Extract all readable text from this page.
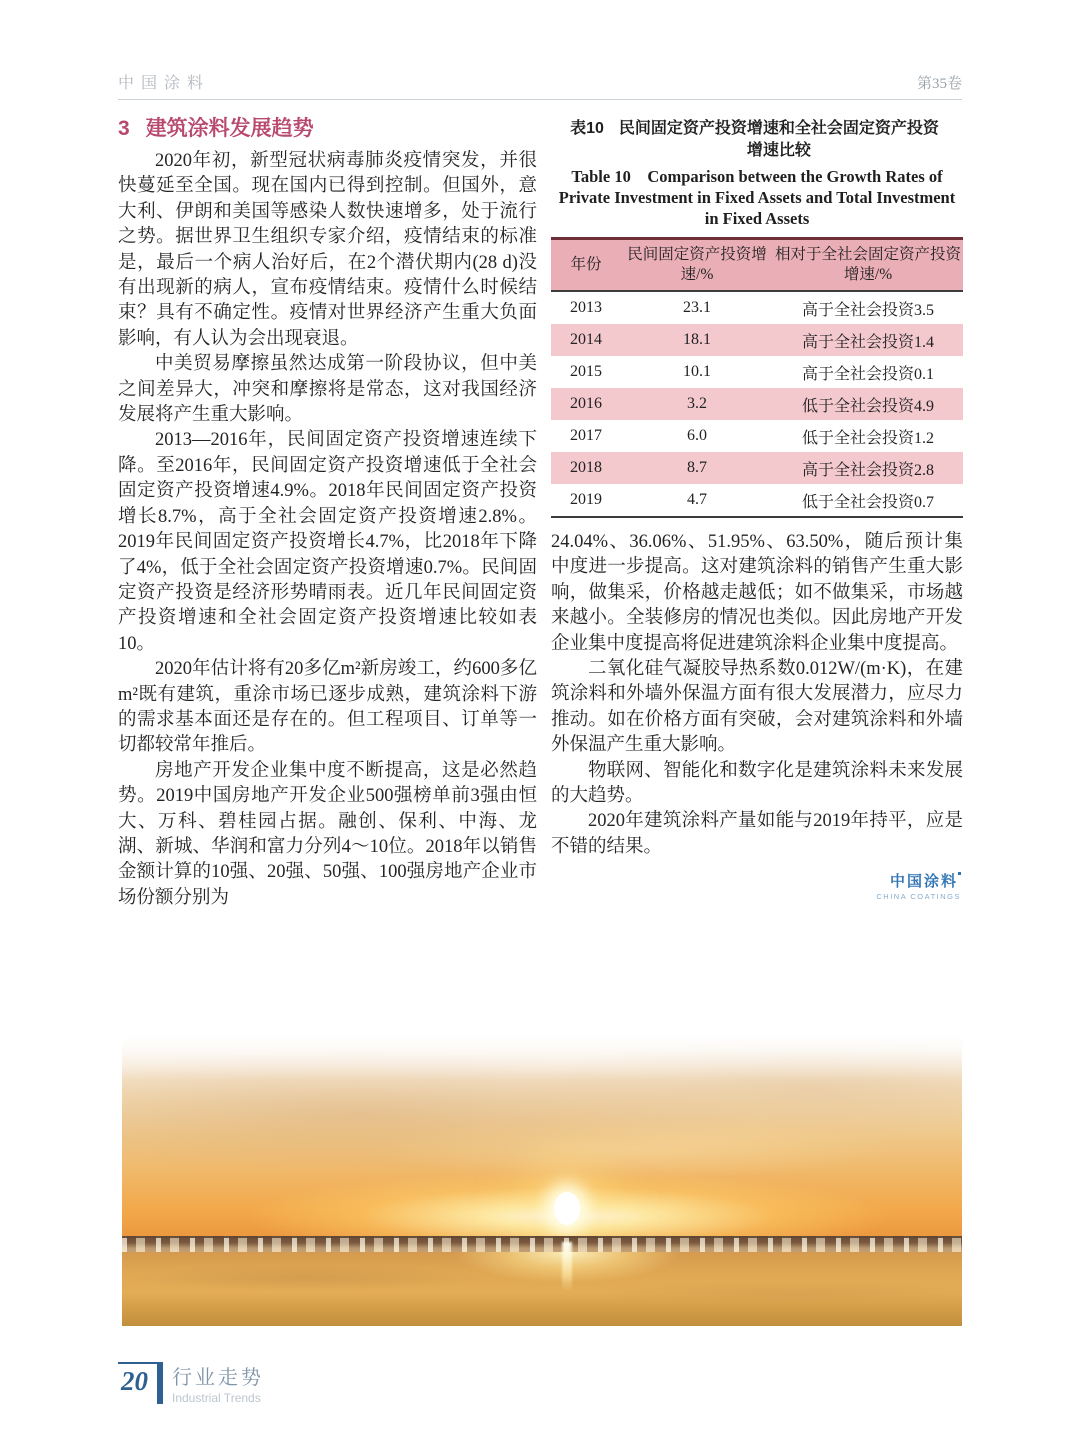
中国涂料	第35卷
3 建筑涂料发展趋势

2020年初，新型冠状病毒肺炎疫情突发，并很快蔓延至全国。现在国内已得到控制。但国外，意大利、伊朗和美国等感染人数快速增多，处于流行之势。据世界卫生组织专家介绍，疫情结束的标准是，最后一个病人治好后，在2个潜伏期内(28 d)没有出现新的病人，宣布疫情结束。疫情什么时候结束？具有不确定性。疫情对世界经济产生重大负面影响，有人认为会出现衰退。

中美贸易摩擦虽然达成第一阶段协议，但中美之间差异大，冲突和摩擦将是常态，这对我国经济发展将产生重大影响。

2013—2016年，民间固定资产投资增速连续下降。至2016年，民间固定资产投资增速低于全社会固定资产投资增速4.9%。2018年民间固定资产投资增长8.7%，高于全社会固定资产投资增速2.8%。2019年民间固定资产投资增长4.7%，比2018年下降了4%，低于全社会固定资产投资增速0.7%。民间固定资产投资是经济形势晴雨表。近几年民间固定资产投资增速和全社会固定资产投资增速比较如表10。

2020年估计将有20多亿m²新房竣工，约600多亿m²既有建筑，重涂市场已逐步成熟，建筑涂料下游的需求基本面还是存在的。但工程项目、订单等一切都较常年推后。

房地产开发企业集中度不断提高，这是必然趋势。2019中国房地产开发企业500强榜单前3强由恒大、万科、碧桂园占据。融创、保利、中海、龙湖、新城、华润和富力分列4～10位。2018年以销售金额计算的10强、20强、50强、100强房地产企业市场份额分别为

表10 民间固定资产投资增速和全社会固定资产投资增速比较
Table 10　Comparison between the Growth Rates of Private Investment in Fixed Assets and Total Investment in Fixed Assets
年份	民间固定资产投资增速/%	相对于全社会固定资产投资增速/%
2013	23.1	高于全社会投资3.5
2014	18.1	高于全社会投资1.4
2015	10.1	高于全社会投资0.1
2016	3.2	低于全社会投资4.9
2017	6.0	低于全社会投资1.2
2018	8.7	高于全社会投资2.8
2019	4.7	低于全社会投资0.7

24.04%、36.06%、51.95%、63.50%，随后预计集中度进一步提高。这对建筑涂料的销售产生重大影响，做集采，价格越走越低；如不做集采，市场越来越小。全装修房的情况也类似。因此房地产开发企业集中度提高将促进建筑涂料企业集中度提高。

二氧化硅气凝胶导热系数0.012W/(m·K)，在建筑涂料和外墙外保温方面有很大发展潜力，应尽力推动。如在价格方面有突破，会对建筑涂料和外墙外保温产生重大影响。

物联网、智能化和数字化是建筑涂料未来发展的大趋势。

2020年建筑涂料产量如能与2019年持平，应是不错的结果。

中国涂料
CHINA COATINGS
20	行业走势
Industrial Trends
